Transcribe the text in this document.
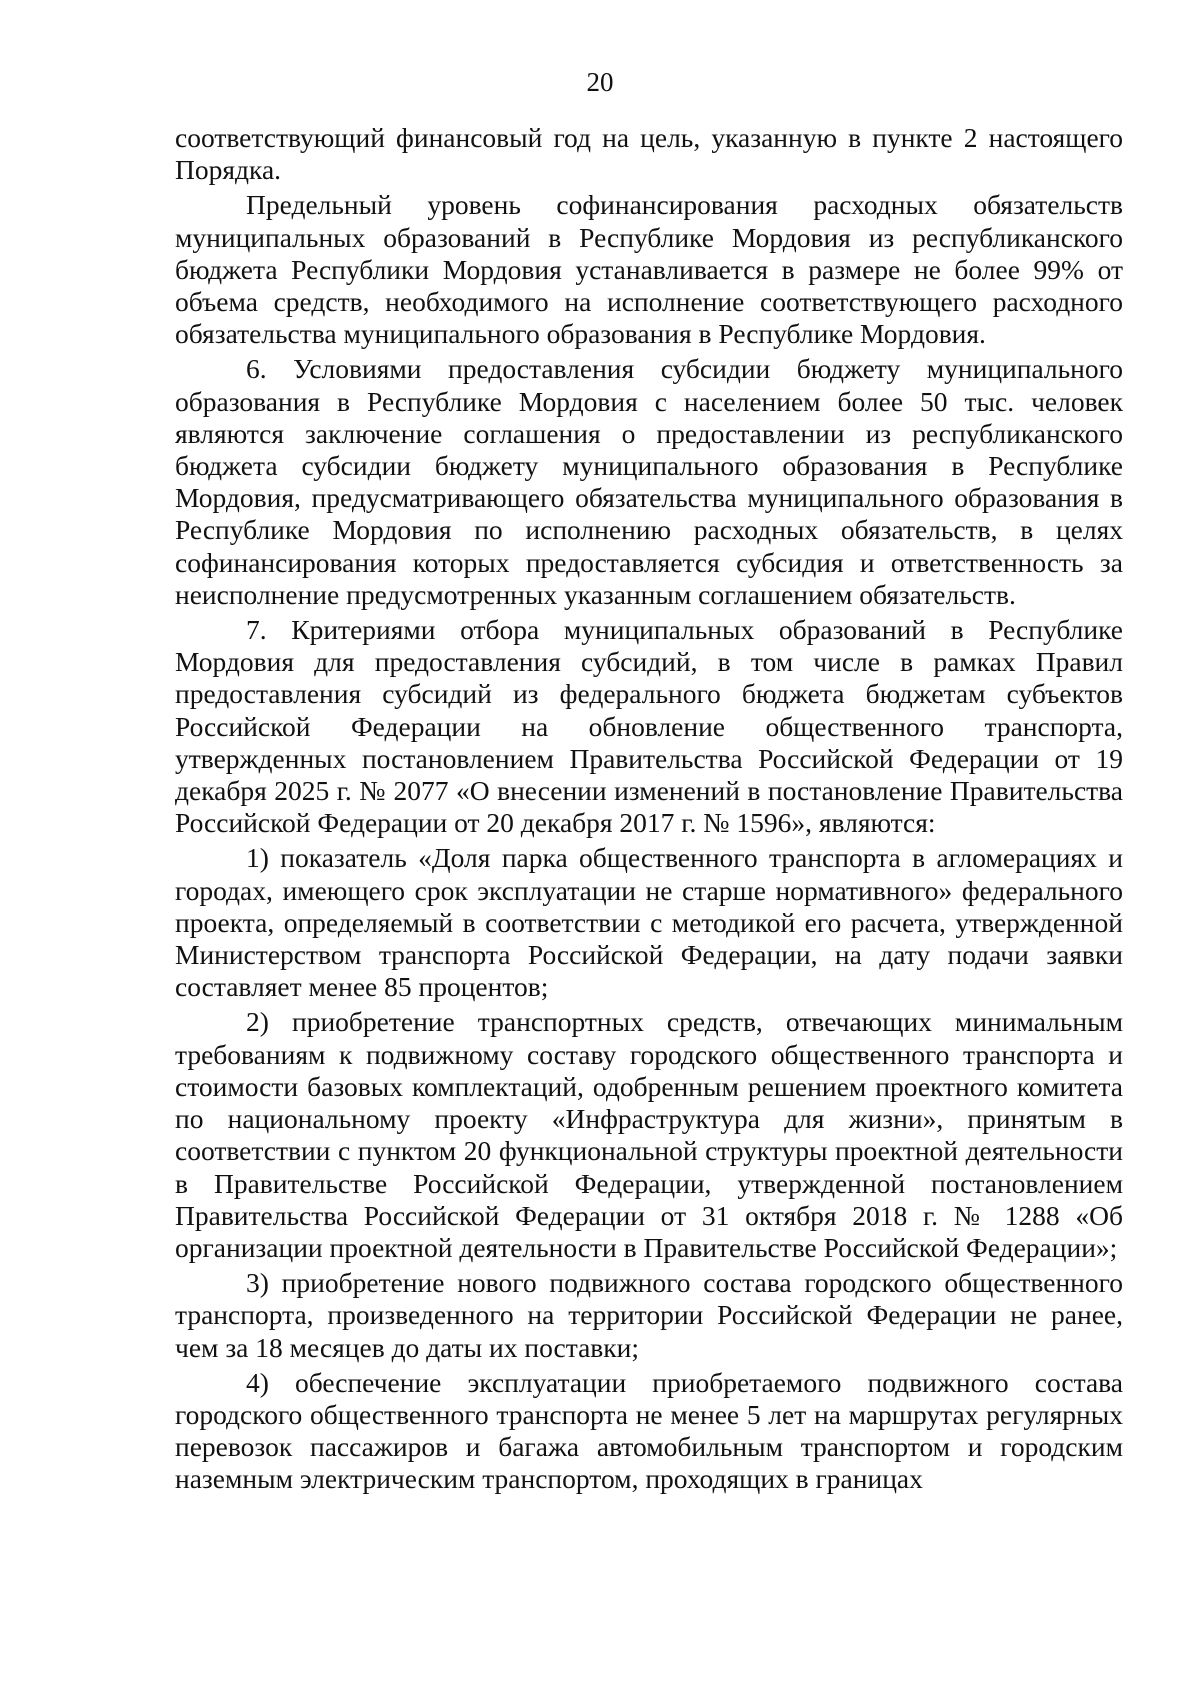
20

соответствующий финансовый год на цель, указанную в пункте 2 настоящего Порядка.

Предельный уровень софинансирования расходных обязательств муниципальных образований в Республике Мордовия из республиканского бюджета Республики Мордовия устанавливается в размере не более 99% от объема средств, необходимого на исполнение соответствующего расходного обязательства муниципального образования в Республике Мордовия.

6. Условиями предоставления субсидии бюджету муниципального образования в Республике Мордовия с населением более 50 тыс. человек являются заключение соглашения о предоставлении из республиканского бюджета субсидии бюджету муниципального образования в Республике Мордовия, предусматривающего обязательства муниципального образования в Республике Мордовия по исполнению расходных обязательств, в целях софинансирования которых предоставляется субсидия и ответственность за неисполнение предусмотренных указанным соглашением обязательств.

7. Критериями отбора муниципальных образований в Республике Мордовия для предоставления субсидий, в том числе в рамках Правил предоставления субсидий из федерального бюджета бюджетам субъектов Российской Федерации на обновление общественного транспорта, утвержденных постановлением Правительства Российской Федерации от 19 декабря 2025 г. № 2077 «О внесении изменений в постановление Правительства Российской Федерации от 20 декабря 2017 г. № 1596», являются:

1) показатель «Доля парка общественного транспорта в агломерациях и городах, имеющего срок эксплуатации не старше нормативного» федерального проекта, определяемый в соответствии с методикой его расчета, утвержденной Министерством транспорта Российской Федерации, на дату подачи заявки составляет менее 85 процентов;

2) приобретение транспортных средств, отвечающих минимальным требованиям к подвижному составу городского общественного транспорта и стоимости базовых комплектаций, одобренным решением проектного комитета по национальному проекту «Инфраструктура для жизни», принятым в соответствии с пунктом 20 функциональной структуры проектной деятельности в Правительстве Российской Федерации, утвержденной постановлением Правительства Российской Федерации от 31 октября 2018 г. № 1288 «Об организации проектной деятельности в Правительстве Российской Федерации»;

3) приобретение нового подвижного состава городского общественного транспорта, произведенного на территории Российской Федерации не ранее, чем за 18 месяцев до даты их поставки;

4) обеспечение эксплуатации приобретаемого подвижного состава городского общественного транспорта не менее 5 лет на маршрутах регулярных перевозок пассажиров и багажа автомобильным транспортом и городским наземным электрическим транспортом, проходящих в границах
